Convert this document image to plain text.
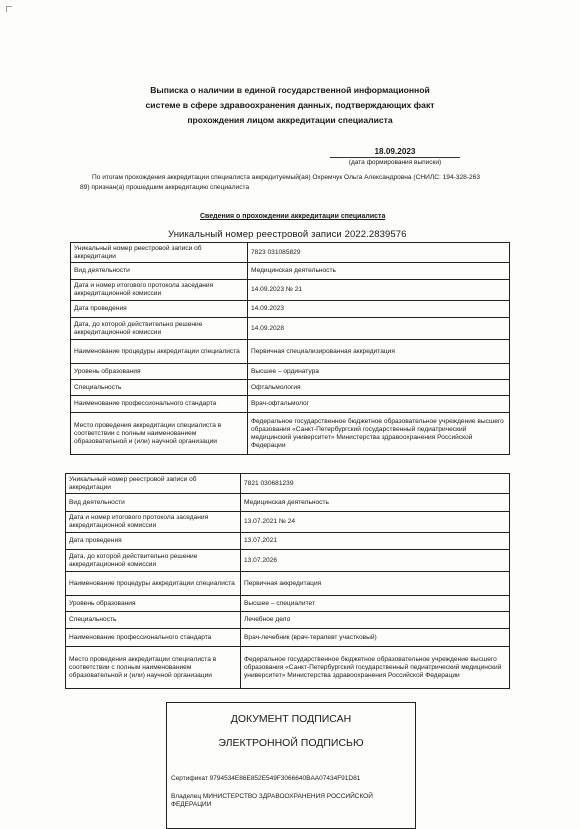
Выписка о наличии в единой государственной информационной
системе в сфере здравоохранения данных, подтверждающих факт
прохождения лицом аккредитации специалиста
18.09.2023
(дата формирования выписки)
По итогам прохождения аккредитации специалиста аккредитуемый(ая) Охремчук Ольга Александровна (СНИЛС: 194-328-263 89) признан(а) прошедшим аккредитацию специалиста
Сведения о прохождении аккредитации специалиста
Уникальный номер реестровой записи 2022.2839576
Уникальный номер реестровой записи об аккредитации	7823 031085829
Вид деятельности	Медицинская деятельность
Дата и номер итогового протокола заседания аккредитационной комиссии	14.09.2023 № 21
Дата проведения	14.09.2023
Дата, до которой действительно решение аккредитационной комиссии	14.09.2028
Наименование процедуры аккредитации специалиста	Первичная специализированная аккредитация
Уровень образования	Высшее – ординатура
Специальность	Офтальмология
Наименование профессионального стандарта	Врач-офтальмолог
Место проведения аккредитации специалиста в соответствии с полным наименованием образовательной и (или) научной организации	Федеральное государственное бюджетное образовательное учреждение высшего образования «Санкт-Петербургский государственный педиатрический медицинский университет» Министерства здравоохранения Российской Федерации
Уникальный номер реестровой записи об аккредитации	7821 030681239
Вид деятельности	Медицинская деятельность
Дата и номер итогового протокола заседания аккредитационной комиссии	13.07.2021 № 24
Дата проведения	13.07.2021
Дата, до которой действительно решение аккредитационной комиссии	13.07.2026
Наименование процедуры аккредитации специалиста	Первичная аккредитация
Уровень образования	Высшее – специалитет
Специальность	Лечебное дело
Наименование профессионального стандарта	Врач-лечебник (врач-терапевт участковый)
Место проведения аккредитации специалиста в соответствии с полным наименованием образовательной и (или) научной организации	Федеральное государственное бюджетное образовательное учреждение высшего образования «Санкт-Петербургский государственный педиатрический медицинский университет» Министерства здравоохранения Российской Федерации
ДОКУМЕНТ ПОДПИСАН
ЭЛЕКТРОННОЙ ПОДПИСЬЮ
Сертификат 9794534E86E852E549F3066640BAA07434F91D81
Владелец МИНИСТЕРСТВО ЗДРАВООХРАНЕНИЯ РОССИЙСКОЙ ФЕДЕРАЦИИ
